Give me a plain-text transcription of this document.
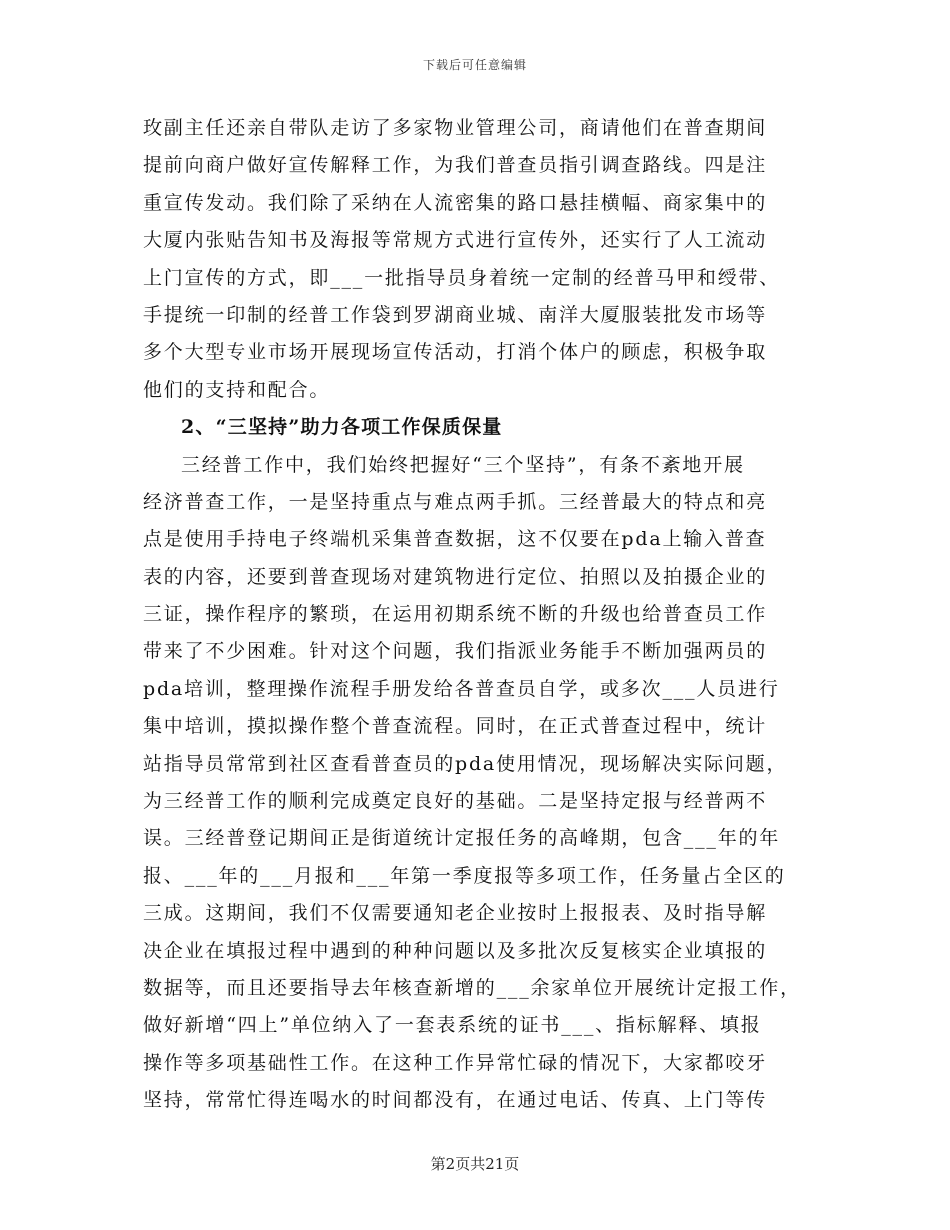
下载后可任意编辑
玫副主任还亲自带队走访了多家物业管理公司，商请他们在普查期间
提前向商户做好宣传解释工作，为我们普查员指引调查路线。四是注
重宣传发动。我们除了采纳在人流密集的路口悬挂横幅、商家集中的
大厦内张贴告知书及海报等常规方式进行宣传外，还实行了人工流动
上门宣传的方式，即___一批指导员身着统一定制的经普马甲和绶带、
手提统一印制的经普工作袋到罗湖商业城、南洋大厦服装批发市场等
多个大型专业市场开展现场宣传活动，打消个体户的顾虑，积极争取
他们的支持和配合。
2、“三坚持”助力各项工作保质保量
三经普工作中，我们始终把握好“三个坚持”，有条不紊地开展
经济普查工作，一是坚持重点与难点两手抓。三经普最大的特点和亮
点是使用手持电子终端机采集普查数据，这不仅要在pda上输入普查
表的内容，还要到普查现场对建筑物进行定位、拍照以及拍摄企业的
三证，操作程序的繁琐，在运用初期系统不断的升级也给普查员工作
带来了不少困难。针对这个问题，我们指派业务能手不断加强两员的
pda培训，整理操作流程手册发给各普查员自学，或多次___人员进行
集中培训，摸拟操作整个普查流程。同时，在正式普查过程中，统计
站指导员常常到社区查看普查员的pda使用情况，现场解决实际问题，
为三经普工作的顺利完成奠定良好的基础。二是坚持定报与经普两不
误。三经普登记期间正是街道统计定报任务的高峰期，包含___年的年
报、___年的___月报和___年第一季度报等多项工作，任务量占全区的
三成。这期间，我们不仅需要通知老企业按时上报报表、及时指导解
决企业在填报过程中遇到的种种问题以及多批次反复核实企业填报的
数据等，而且还要指导去年核查新增的___余家单位开展统计定报工作，
做好新增“四上”单位纳入了一套表系统的证书___、指标解释、填报
操作等多项基础性工作。在这种工作异常忙碌的情况下，大家都咬牙
坚持，常常忙得连喝水的时间都没有，在通过电话、传真、上门等传
第2页共21页
